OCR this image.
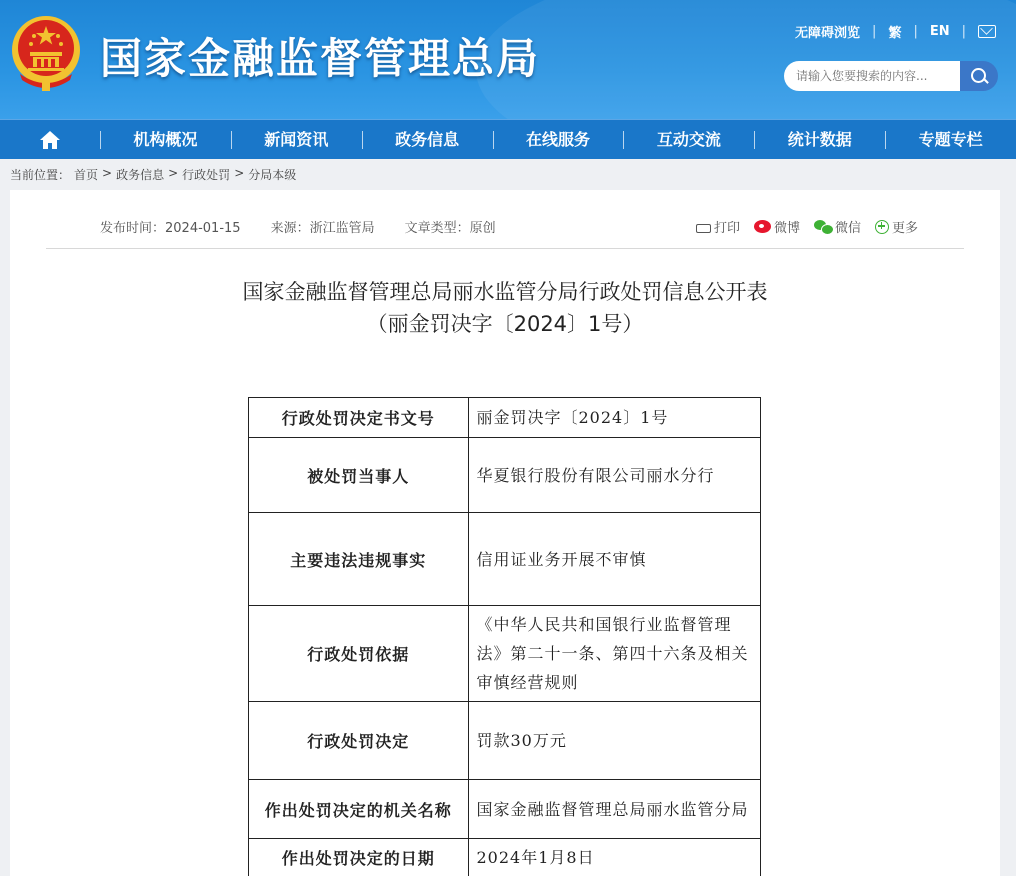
国家金融监督管理总局
无障碍浏览 | 繁 | EN |
请输入您要搜索的内容...
机构概况	新闻资讯	政务信息	在线服务	互动交流	统计数据	专题专栏
当前位置： 首页 > 政务信息 > 行政处罚 > 分局本级
发布时间：2024-01-15 来源：浙江监管局 文章类型：原创	打印	微博	微信 更多
国家金融监督管理总局丽水监管分局行政处罚信息公开表
（丽金罚决字〔2024〕1号）
行政处罚决定书文号	丽金罚决字〔2024〕1号
被处罚当事人	华夏银行股份有限公司丽水分行
主要违法违规事实	信用证业务开展不审慎
行政处罚依据	《中华人民共和国银行业监督管理法》第二十一条、第四十六条及相关审慎经营规则
行政处罚决定	罚款30万元
作出处罚决定的机关名称	国家金融监督管理总局丽水监管分局
作出处罚决定的日期	2024年1月8日
